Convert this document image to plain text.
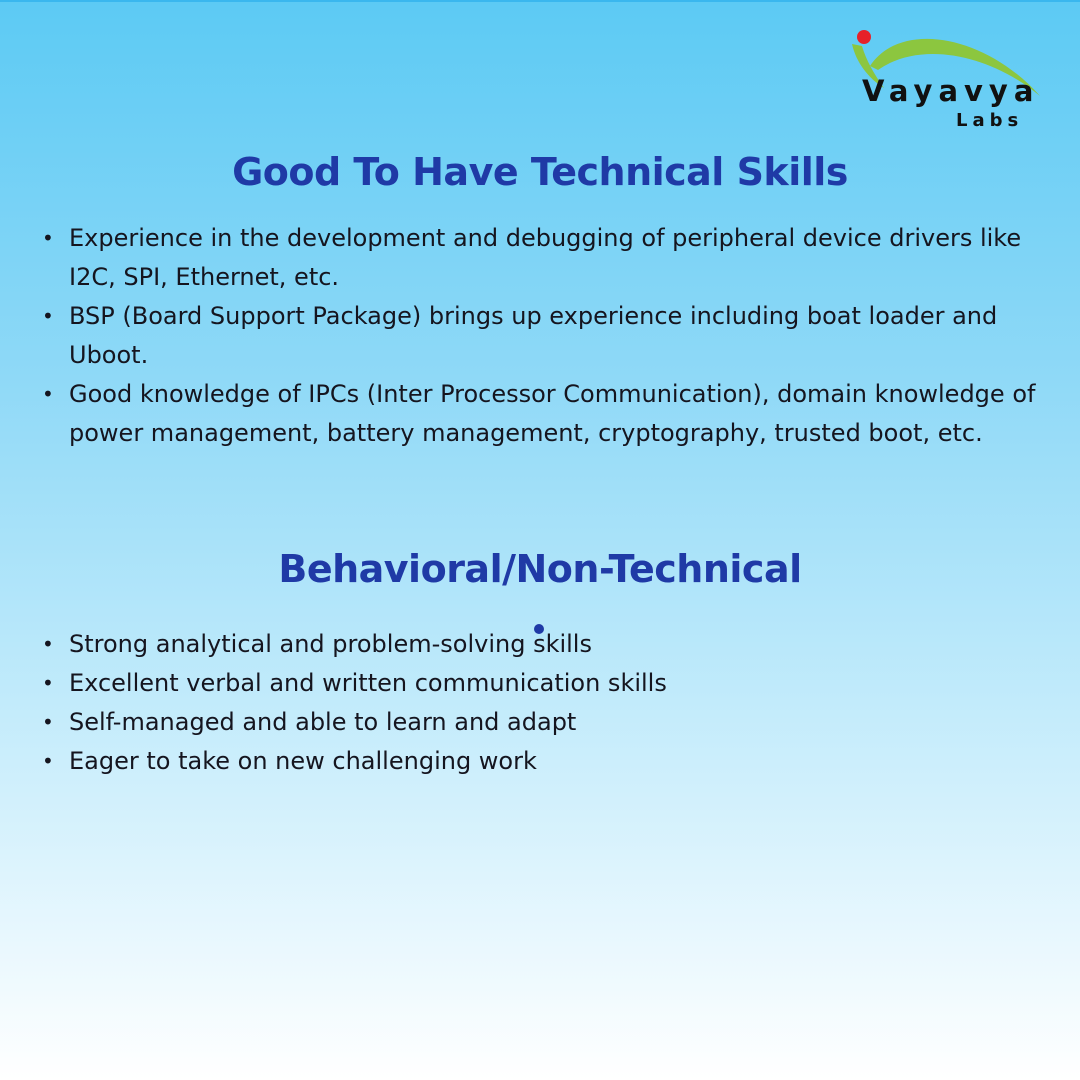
Vayavya
Labs
Good To Have Technical Skills
• Experience in the development and debugging of peripheral device drivers like I2C, SPI, Ethernet, etc.
• BSP (Board Support Package) brings up experience including boat loader and Uboot.
• Good knowledge of IPCs (Inter Processor Communication), domain knowledge of power management, battery management, cryptography, trusted boot, etc.
Behavioral/Non-Technical
• Strong analytical and problem-solving skills
• Excellent verbal and written communication skills
• Self-managed and able to learn and adapt
• Eager to take on new challenging work
